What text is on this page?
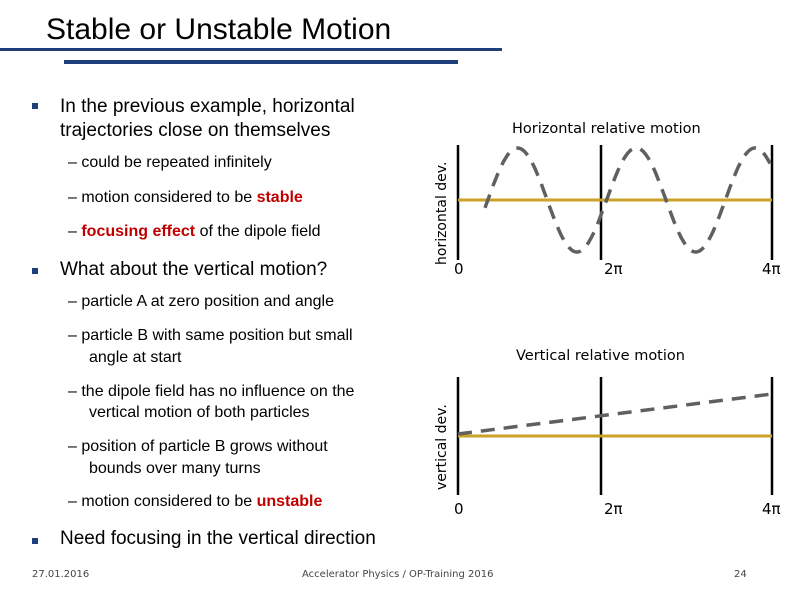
Stable or Unstable Motion
In the previous example, horizontal
trajectories close on themselves
– could be repeated infinitely
– motion considered to be stable
– focusing effect of the dipole field
What about the vertical motion?
– particle A at zero position and angle
– particle B with same position but small
angle at start
– the dipole field has no influence on the
vertical motion of both particles
– position of particle B grows without
bounds over many turns
– motion considered to be unstable
Need focusing in the vertical direction
Horizontal relative motion
horizontal dev.
0	2π	4π
Vertical relative motion
vertical dev.
0	2π	4π
27.01.2016	Accelerator Physics / OP-Training 2016	24
